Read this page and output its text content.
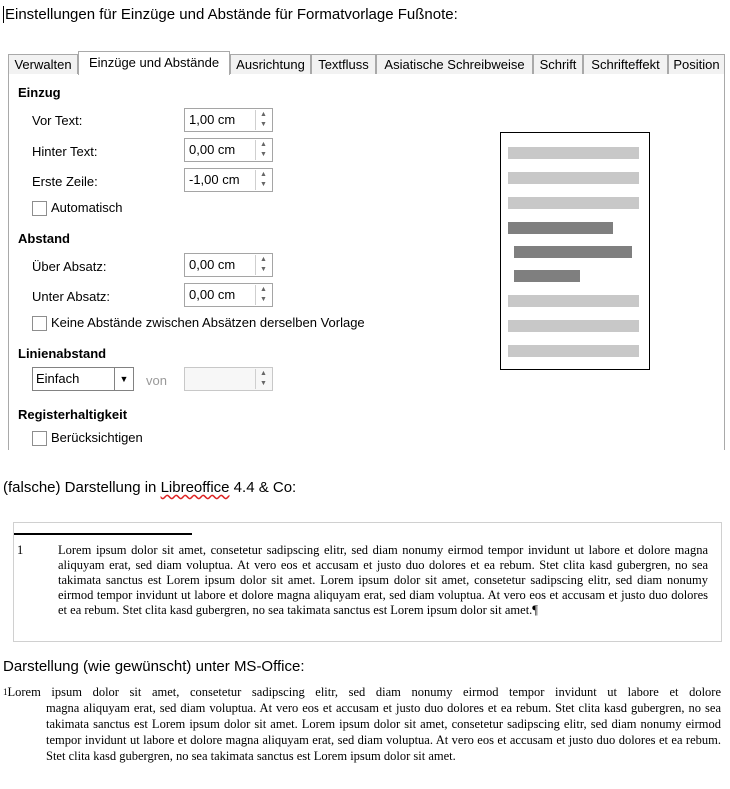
Einstellungen für Einzüge und Abstände für Formatvorlage Fußnote:
Verwalten	Einzüge und Abstände	Ausrichtung	Textfluss	Asiatische Schreibweise	Schrift	Schrifteffekt	Position
Einzug
Vor Text:	1,00 cm	▲
▼
Hinter Text:	0,00 cm	▲
▼
Erste Zeile:	-1,00 cm	▲
▼
Automatisch
Abstand
Über Absatz:	0,00 cm	▲
▼
Unter Absatz:	0,00 cm	▲
▼
Keine Abstände zwischen Absätzen derselben Vorlage
Linienabstand
Einfach	▼	von	▲
▼
Registerhaltigkeit
Berücksichtigen
(falsche) Darstellung in Libreoffice 4.4 & Co:
1	Lorem ipsum dolor sit amet, consetetur sadipscing elitr, sed diam nonumy eirmod tempor invidunt ut labore et dolore magna aliquyam erat, sed diam voluptua. At vero eos et accusam et justo duo dolores et ea rebum. Stet clita kasd gubergren, no sea takimata sanctus est Lorem ipsum dolor sit amet. Lorem ipsum dolor sit amet, consetetur sadipscing elitr, sed diam nonumy eirmod tempor invidunt ut labore et dolore magna aliquyam erat, sed diam voluptua. At vero eos et accusam et justo duo dolores et ea rebum. Stet clita kasd gubergren, no sea takimata sanctus est Lorem ipsum dolor sit amet.¶
Darstellung (wie gewünscht) unter MS-Office:
$^1$Lorem ipsum dolor sit amet, consetetur sadipscing elitr, sed diam nonumy eirmod tempor invidunt ut labore et dolore
magna aliquyam erat, sed diam voluptua. At vero eos et accusam et justo duo dolores et ea rebum. Stet clita kasd gubergren, no sea takimata sanctus est Lorem ipsum dolor sit amet. Lorem ipsum dolor sit amet, consetetur sadipscing elitr, sed diam nonumy eirmod tempor invidunt ut labore et dolore magna aliquyam erat, sed diam voluptua. At vero eos et accusam et justo duo dolores et ea rebum. Stet clita kasd gubergren, no sea takimata sanctus est Lorem ipsum dolor sit amet.
